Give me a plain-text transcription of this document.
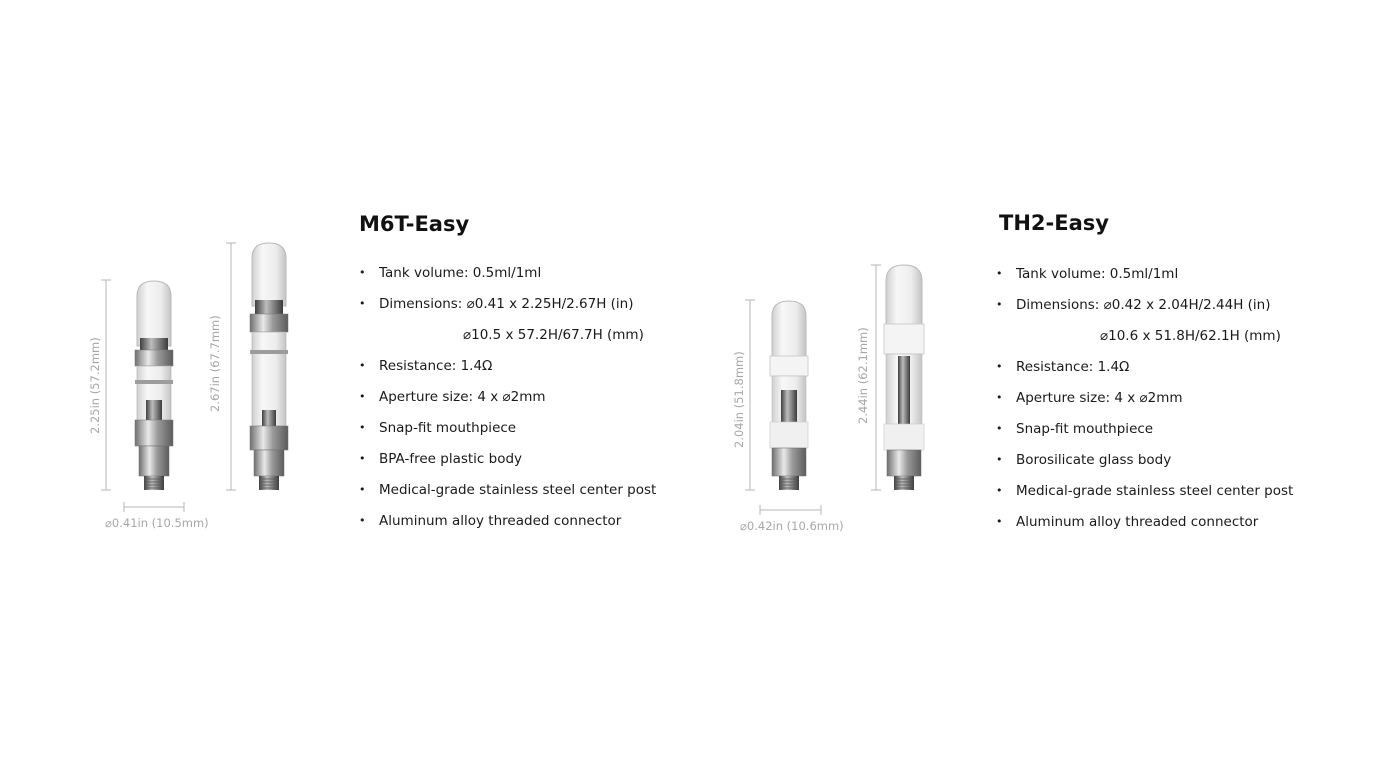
2.25in (57.2mm)	2.67in (67.7mm)
⌀0.41in (10.5mm)
2.04in (51.8mm)	2.44in (62.1mm)
⌀0.42in (10.6mm)
M6T-Easy
• Tank volume: 0.5ml/1ml
• Dimensions: ⌀0.41 x 2.25H/2.67H (in)
⌀10.5 x 57.2H/67.7H (mm)
• Resistance: 1.4Ω
• Aperture size: 4 x ⌀2mm
• Snap-fit mouthpiece
• BPA-free plastic body
• Medical-grade stainless steel center post
• Aluminum alloy threaded connector
TH2-Easy
• Tank volume: 0.5ml/1ml
• Dimensions: ⌀0.42 x 2.04H/2.44H (in)
⌀10.6 x 51.8H/62.1H (mm)
• Resistance: 1.4Ω
• Aperture size: 4 x ⌀2mm
• Snap-fit mouthpiece
• Borosilicate glass body
• Medical-grade stainless steel center post
• Aluminum alloy threaded connector
